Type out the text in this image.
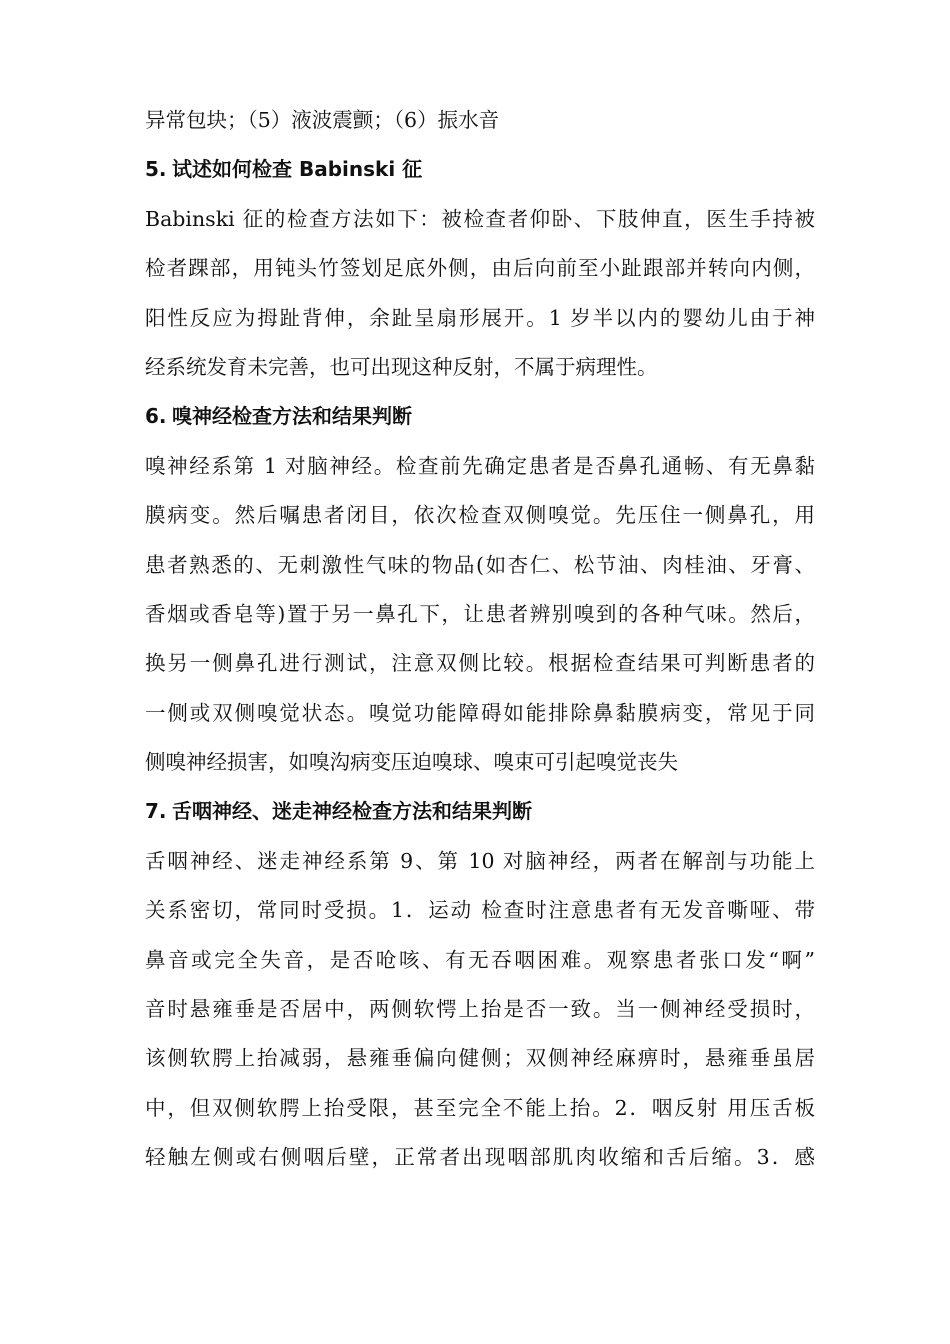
异常包块；（5）液波震颤；（6）振水音
5. 试述如何检查 Babinski 征
Babinski 征的检查方法如下：被检查者仰卧、下肢伸直，医生手持被
检者踝部，用钝头竹签划足底外侧，由后向前至小趾跟部并转向内侧，
阳性反应为拇趾背伸，余趾呈扇形展开。1 岁半以内的婴幼儿由于神
经系统发育未完善，也可出现这种反射，不属于病理性。
6. 嗅神经检查方法和结果判断
嗅神经系第 1 对脑神经。检查前先确定患者是否鼻孔通畅、有无鼻黏
膜病变。然后嘱患者闭目，依次检查双侧嗅觉。先压住一侧鼻孔，用
患者熟悉的、无刺激性气味的物品(如杏仁、松节油、肉桂油、牙膏、
香烟或香皂等)置于另一鼻孔下，让患者辨别嗅到的各种气味。然后，
换另一侧鼻孔进行测试，注意双侧比较。根据检查结果可判断患者的
一侧或双侧嗅觉状态。嗅觉功能障碍如能排除鼻黏膜病变，常见于同
侧嗅神经损害，如嗅沟病变压迫嗅球、嗅束可引起嗅觉丧失
7. 舌咽神经、迷走神经检查方法和结果判断
舌咽神经、迷走神经系第 9、第 10 对脑神经，两者在解剖与功能上
关系密切，常同时受损。1．运动 检查时注意患者有无发音嘶哑、带
鼻音或完全失音，是否呛咳、有无吞咽困难。观察患者张口发“啊”
音时悬雍垂是否居中，两侧软愕上抬是否一致。当一侧神经受损时，
该侧软腭上抬减弱，悬雍垂偏向健侧；双侧神经麻痹时，悬雍垂虽居
中，但双侧软腭上抬受限，甚至完全不能上抬。2．咽反射 用压舌板
轻触左侧或右侧咽后壁，正常者出现咽部肌肉收缩和舌后缩。3．感
